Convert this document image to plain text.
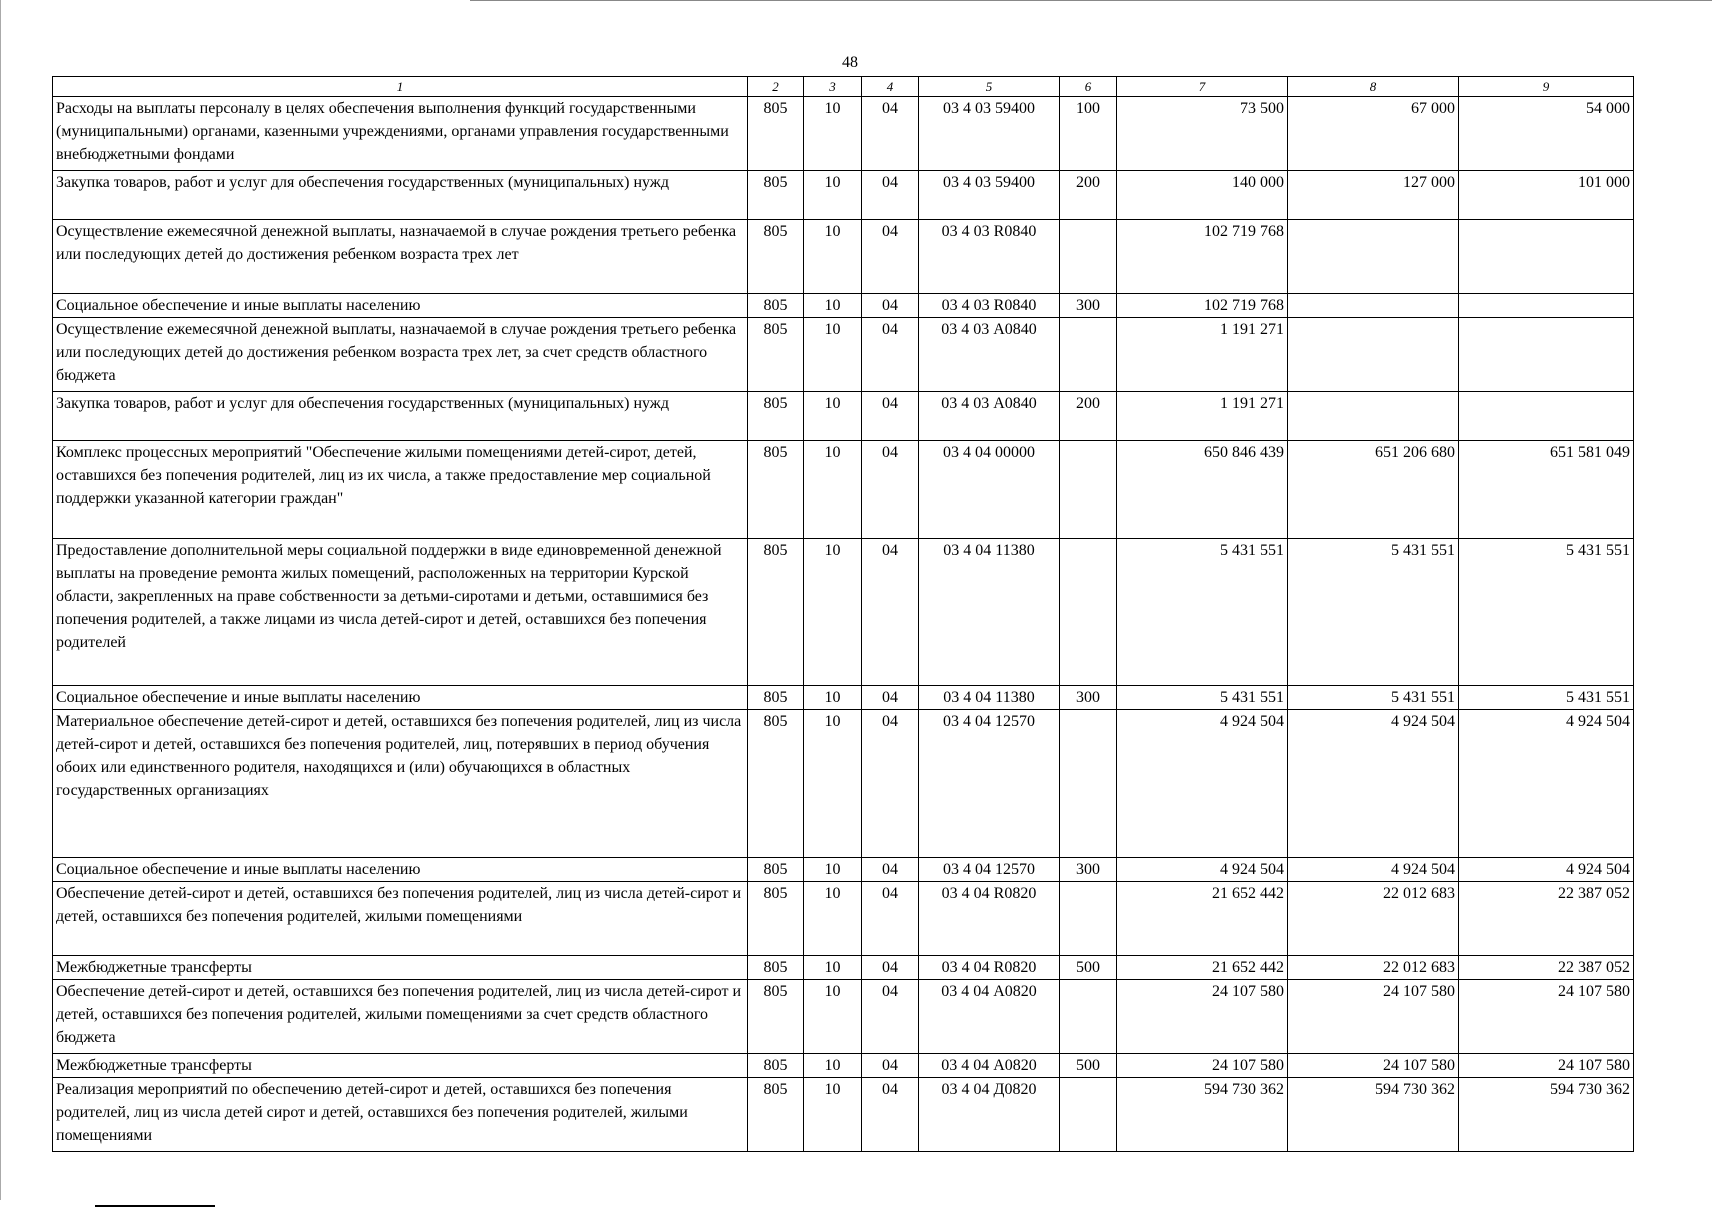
48
1	2	3	4	5	6	7	8	9
Расходы на выплаты персоналу в целях обеспечения выполнения функций государственными (муниципальными) органами, казенными учреждениями, органами управления государственными внебюджетными фондами	805	10	04	03 4 03 59400	100	73 500	67 000	54 000
Закупка товаров, работ и услуг для обеспечения государственных (муниципальных) нужд	805	10	04	03 4 03 59400	200	140 000	127 000	101 000
Осуществление ежемесячной денежной выплаты, назначаемой в случае рождения третьего ребенка или последующих детей до достижения ребенком возраста трех лет	805	10	04	03 4 03 R0840		102 719 768		
Социальное обеспечение и иные выплаты населению	805	10	04	03 4 03 R0840	300	102 719 768		
Осуществление ежемесячной денежной выплаты, назначаемой в случае рождения третьего ребенка или последующих детей до достижения ребенком возраста трех лет, за счет средств областного бюджета	805	10	04	03 4 03 А0840		1 191 271		
Закупка товаров, работ и услуг для обеспечения государственных (муниципальных) нужд	805	10	04	03 4 03 А0840	200	1 191 271		
Комплекс процессных мероприятий "Обеспечение жилыми помещениями детей-сирот, детей, оставшихся без попечения родителей, лиц из их числа, а также предоставление мер социальной поддержки указанной категории граждан"	805	10	04	03 4 04 00000		650 846 439	651 206 680	651 581 049
Предоставление дополнительной меры социальной поддержки в виде единовременной денежной выплаты на проведение ремонта жилых помещений, расположенных на территории Курской области, закрепленных на праве собственности за детьми-сиротами и детьми, оставшимися без попечения родителей, а также лицами из числа детей-сирот и детей, оставшихся без попечения родителей	805	10	04	03 4 04 11380		5 431 551	5 431 551	5 431 551
Социальное обеспечение и иные выплаты населению	805	10	04	03 4 04 11380	300	5 431 551	5 431 551	5 431 551
Материальное обеспечение детей-сирот и детей, оставшихся без попечения родителей, лиц из числа детей-сирот и детей, оставшихся без попечения родителей, лиц, потерявших в период обучения обоих или единственного родителя, находящихся и (или) обучающихся в областных государственных организациях	805	10	04	03 4 04 12570		4 924 504	4 924 504	4 924 504
Социальное обеспечение и иные выплаты населению	805	10	04	03 4 04 12570	300	4 924 504	4 924 504	4 924 504
Обеспечение детей-сирот и детей, оставшихся без попечения родителей, лиц из числа детей-сирот и детей, оставшихся без попечения родителей, жилыми помещениями	805	10	04	03 4 04 R0820		21 652 442	22 012 683	22 387 052
Межбюджетные трансферты	805	10	04	03 4 04 R0820	500	21 652 442	22 012 683	22 387 052
Обеспечение детей-сирот и детей, оставшихся без попечения родителей, лиц из числа детей-сирот и детей, оставшихся без попечения родителей, жилыми помещениями за счет средств областного бюджета	805	10	04	03 4 04 А0820		24 107 580	24 107 580	24 107 580
Межбюджетные трансферты	805	10	04	03 4 04 А0820	500	24 107 580	24 107 580	24 107 580
Реализация мероприятий по обеспечению детей-сирот и детей, оставшихся без попечения родителей, лиц из числа детей сирот и детей, оставшихся без попечения родителей, жилыми помещениями	805	10	04	03 4 04 Д0820		594 730 362	594 730 362	594 730 362
